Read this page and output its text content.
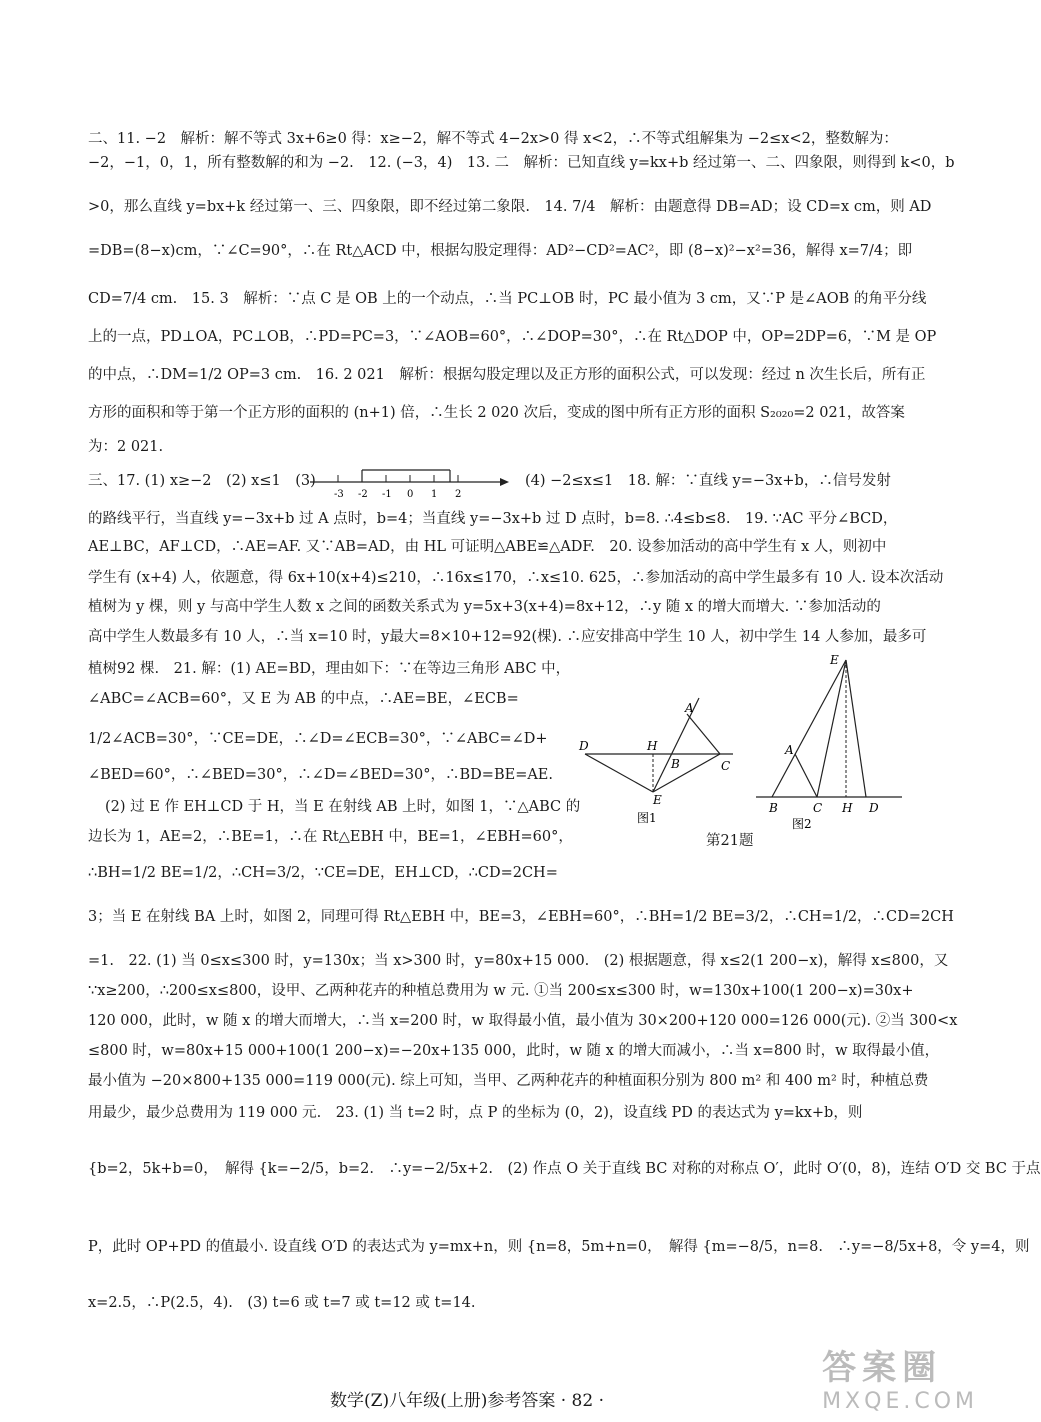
二、11. −2　解析：解不等式 3x+6≥0 得：x≥−2，解不等式 4−2x>0 得 x<2，∴不等式组解集为 −2≤x<2，整数解为：
−2，−1，0，1，所有整数解的和为 −2.　12. (−3，4)　13. 二　解析：已知直线 y=kx+b 经过第一、二、四象限，则得到 k<0，b
>0，那么直线 y=bx+k 经过第一、三、四象限，即不经过第二象限.　14. 7/4　解析：由题意得 DB=AD；设 CD=x cm，则 AD
=DB=(8−x)cm，∵∠C=90°，∴在 Rt△ACD 中，根据勾股定理得：AD²−CD²=AC²，即 (8−x)²−x²=36，解得 x=7/4；即
CD=7/4 cm.　15. 3　解析：∵点 C 是 OB 上的一个动点，∴当 PC⊥OB 时，PC 最小值为 3 cm，又∵P 是∠AOB 的角平分线
上的一点，PD⊥OA，PC⊥OB，∴PD=PC=3，∵∠AOB=60°，∴∠DOP=30°，∴在 Rt△DOP 中，OP=2DP=6，∵M 是 OP
的中点，∴DM=1/2 OP=3 cm.　16. 2 021　解析：根据勾股定理以及正方形的面积公式，可以发现：经过 n 次生长后，所有正
方形的面积和等于第一个正方形的面积的 (n+1) 倍，∴生长 2 020 次后，变成的图中所有正方形的面积 S₂₀₂₀=2 021，故答案
为：2 021.
三、17. (1) x≥−2　(2) x≤1　(3)
-3 -2 -1 0 1 2
(4) −2≤x≤1　18. 解：∵直线 y=−3x+b，∴信号发射
的路线平行，当直线 y=−3x+b 过 A 点时，b=4；当直线 y=−3x+b 过 D 点时，b=8. ∴4≤b≤8.　19. ∵AC 平分∠BCD，
AE⊥BC，AF⊥CD，∴AE=AF. 又∵AB=AD，由 HL 可证明△ABE≌△ADF.　20. 设参加活动的高中学生有 x 人，则初中
学生有 (x+4) 人，依题意，得 6x+10(x+4)≤210，∴16x≤170，∴x≤10. 625，∴参加活动的高中学生最多有 10 人. 设本次活动
植树为 y 棵，则 y 与高中学生人数 x 之间的函数关系式为 y=5x+3(x+4)=8x+12，∴y 随 x 的增大而增大. ∵参加活动的
高中学生人数最多有 10 人，∴当 x=10 时，y最大=8×10+12=92(棵). ∴应安排高中学生 10 人，初中学生 14 人参加，最多可
植树92 棵.　21. 解：(1) AE=BD，理由如下：∵在等边三角形 ABC 中，
∠ABC=∠ACB=60°，又 E 为 AB 的中点，∴AE=BE，∠ECB=
1/2∠ACB=30°，∵CE=DE，∴∠D=∠ECB=30°，∵∠ABC=∠D+
∠BED=60°，∴∠BED=30°，∴∠D=∠BED=30°，∴BD=BE=AE.
(2) 过 E 作 EH⊥CD 于 H，当 E 在射线 AB 上时，如图 1，∵△ABC 的
边长为 1，AE=2，∴BE=1，∴在 Rt△EBH 中，BE=1，∠EBH=60°，
∴BH=1/2 BE=1/2，∴CH=3/2，∵CE=DE，EH⊥CD，∴CD=2CH=
D	H
A
B	C
E
图1
E
A
B	C H D
图2
第21题
3；当 E 在射线 BA 上时，如图 2，同理可得 Rt△EBH 中，BE=3，∠EBH=60°，∴BH=1/2 BE=3/2，∴CH=1/2，∴CD=2CH
=1.　22. (1) 当 0≤x≤300 时，y=130x；当 x>300 时，y=80x+15 000.　(2) 根据题意，得 x≤2(1 200−x)，解得 x≤800，又
∵x≥200，∴200≤x≤800，设甲、乙两种花卉的种植总费用为 w 元. ①当 200≤x≤300 时，w=130x+100(1 200−x)=30x+
120 000，此时，w 随 x 的增大而增大，∴当 x=200 时，w 取得最小值，最小值为 30×200+120 000=126 000(元). ②当 300<x
≤800 时，w=80x+15 000+100(1 200−x)=−20x+135 000，此时，w 随 x 的增大而减小，∴当 x=800 时，w 取得最小值，
最小值为 −20×800+135 000=119 000(元). 综上可知，当甲、乙两种花卉的种植面积分别为 800 m² 和 400 m² 时，种植总费
用最少，最少总费用为 119 000 元.　23. (1) 当 t=2 时，点 P 的坐标为 (0，2)，设直线 PD 的表达式为 y=kx+b，则
{b=2，5k+b=0，　解得 {k=−2/5，b=2.　∴y=−2/5x+2.　(2) 作点 O 关于直线 BC 对称的对称点 O′，此时 O′(0，8)，连结 O′D 交 BC 于点
P，此时 OP+PD 的值最小. 设直线 O′D 的表达式为 y=mx+n，则 {n=8，5m+n=0，　解得 {m=−8/5，n=8.　∴y=−8/5x+8，令 y=4，则
x=2.5，∴P(2.5，4).　(3) t=6 或 t=7 或 t=12 或 t=14.
数学(Z)八年级(上册)参考答案 · 82 ·
答案圈
MXQE.COM
